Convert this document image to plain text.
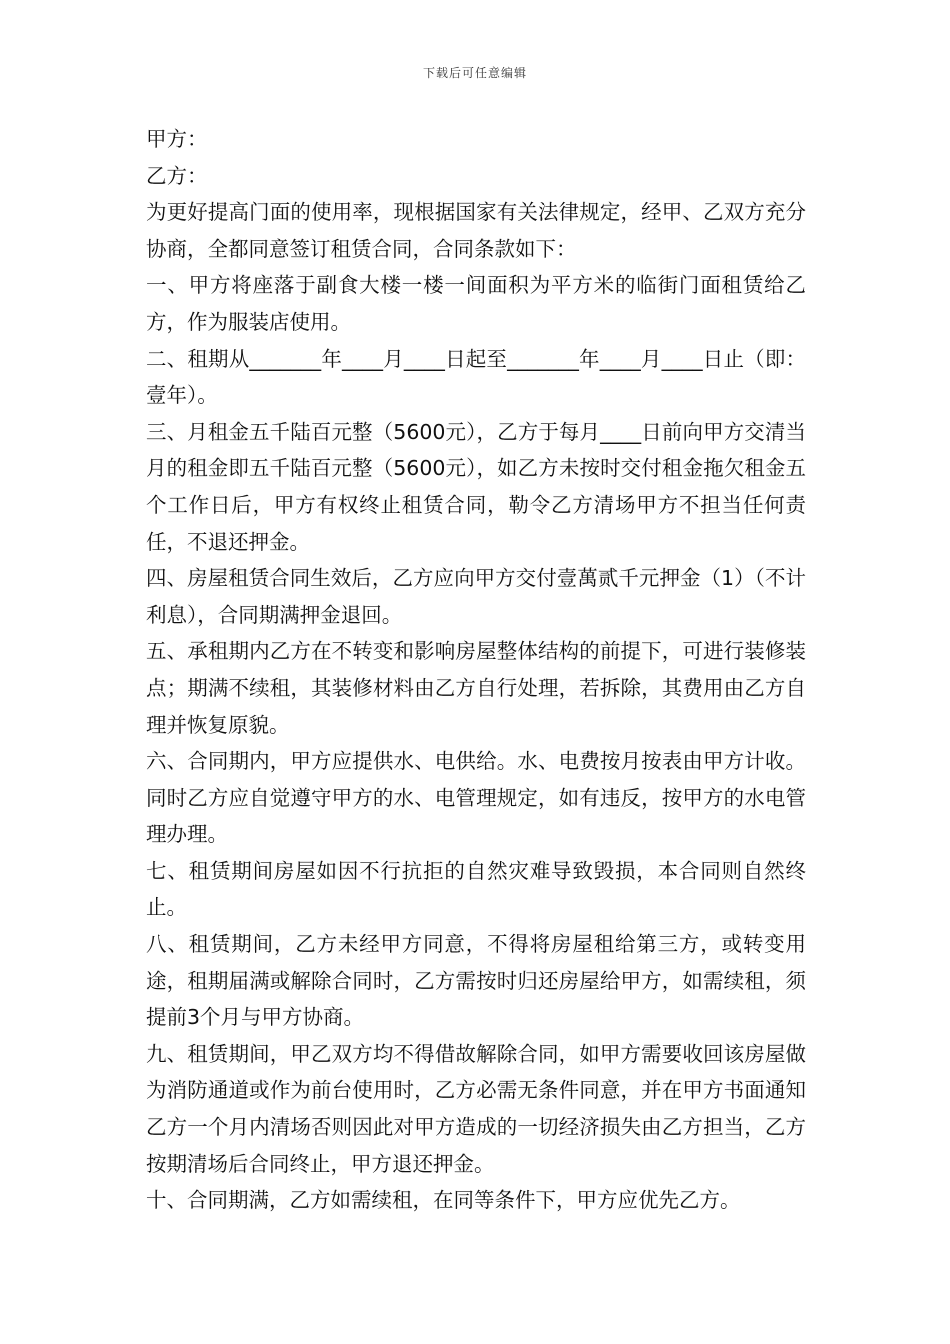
下载后可任意编辑

甲方：

乙方：

为更好提高门面的使用率，现根据国家有关法律规定，经甲、乙双方充分协商，全都同意签订租赁合同，合同条款如下：

一、甲方将座落于副食大楼一楼一间面积为平方米的临街门面租赁给乙方，作为服装店使用。

二、租期从_______年____月____日起至_______年____月____日止（即：壹年）。

三、月租金五千陆百元整（5600元），乙方于每月____日前向甲方交清当月的租金即五千陆百元整（5600元），如乙方未按时交付租金拖欠租金五个工作日后，甲方有权终止租赁合同，勒令乙方清场甲方不担当任何责任，不退还押金。

四、房屋租赁合同生效后，乙方应向甲方交付壹萬贰千元押金（1）（不计利息），合同期满押金退回。

五、承租期内乙方在不转变和影响房屋整体结构的前提下，可进行装修装点；期满不续租，其装修材料由乙方自行处理，若拆除，其费用由乙方自理并恢复原貌。

六、合同期内，甲方应提供水、电供给。水、电费按月按表由甲方计收。同时乙方应自觉遵守甲方的水、电管理规定，如有违反，按甲方的水电管理办理。

七、租赁期间房屋如因不行抗拒的自然灾难导致毁损，本合同则自然终止。

八、租赁期间，乙方未经甲方同意，不得将房屋租给第三方，或转变用途，租期届满或解除合同时，乙方需按时归还房屋给甲方，如需续租，须提前3个月与甲方协商。

九、租赁期间，甲乙双方均不得借故解除合同，如甲方需要收回该房屋做为消防通道或作为前台使用时，乙方必需无条件同意，并在甲方书面通知乙方一个月内清场否则因此对甲方造成的一切经济损失由乙方担当，乙方按期清场后合同终止，甲方退还押金。

十、合同期满，乙方如需续租，在同等条件下，甲方应优先乙方。
